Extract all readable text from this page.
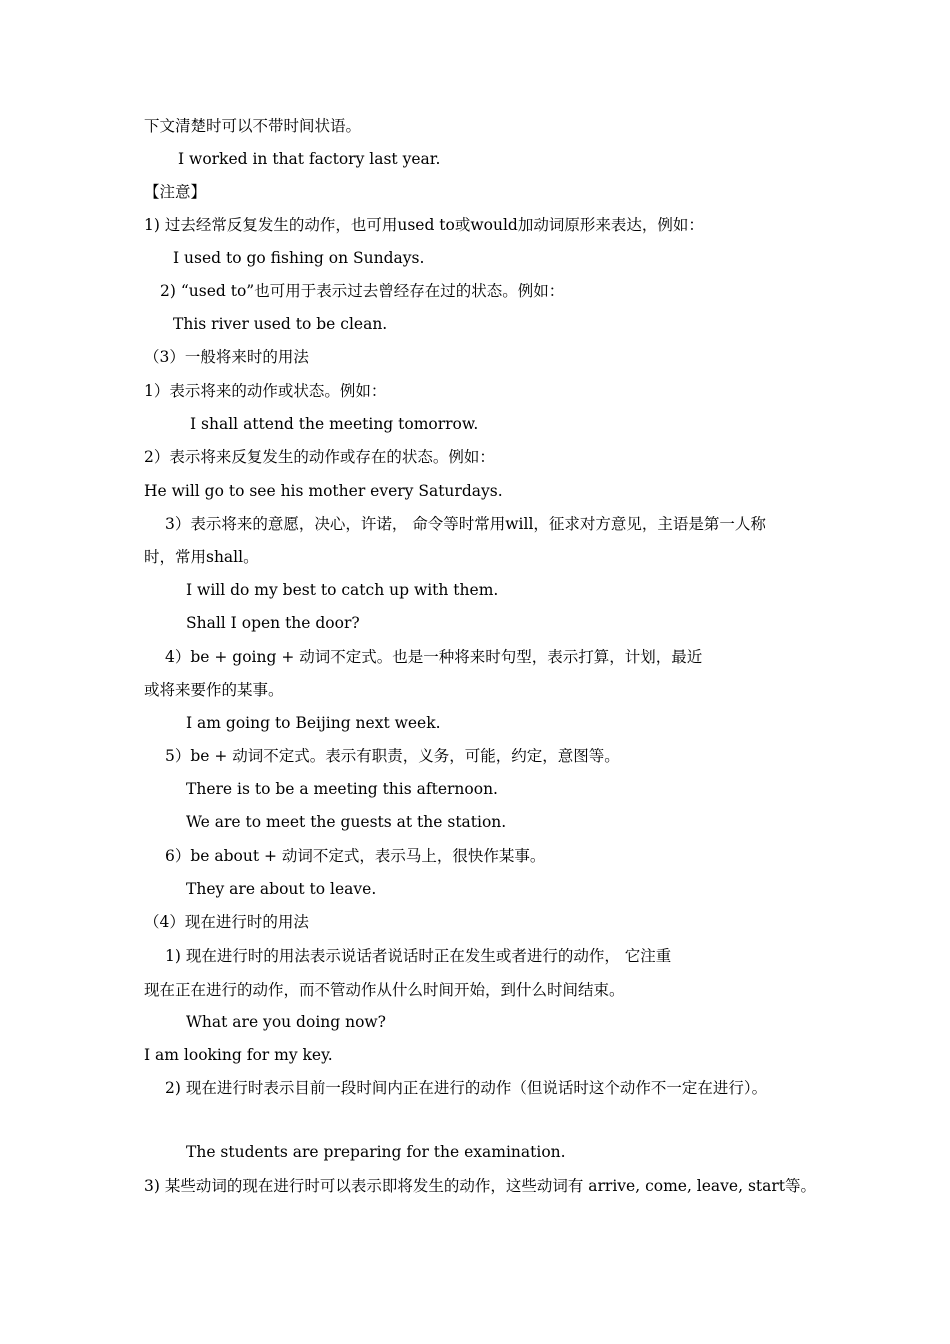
下文清楚时可以不带时间状语。
I worked in that factory last year.
【注意】
1) 过去经常反复发生的动作，也可用used to或would加动词原形来表达，例如：
I used to go fishing on Sundays.
2) “used to”也可用于表示过去曾经存在过的状态。例如：
This river used to be clean.
（3）一般将来时的用法
1）表示将来的动作或状态。例如：
I shall attend the meeting tomorrow.
2）表示将来反复发生的动作或存在的状态。例如：
He will go to see his mother every Saturdays.
3）表示将来的意愿，决心，许诺， 命令等时常用will，征求对方意见，主语是第一人称
时，常用shall。
I will do my best to catch up with them.
Shall I open the door?
4）be + going + 动词不定式。也是一种将来时句型，表示打算，计划，最近
或将来要作的某事。
I am going to Beijing next week.
5）be + 动词不定式。表示有职责，义务，可能，约定，意图等。
There is to be a meeting this afternoon.
We are to meet the guests at the station.
6）be about + 动词不定式，表示马上，很快作某事。
They are about to leave.
（4）现在进行时的用法
1) 现在进行时的用法表示说话者说话时正在发生或者进行的动作， 它注重
现在正在进行的动作，而不管动作从什么时间开始，到什么时间结束。
What are you doing now?
I am looking for my key.
2) 现在进行时表示目前一段时间内正在进行的动作（但说话时这个动作不一定在进行）。
The students are preparing for the examination.
3) 某些动词的现在进行时可以表示即将发生的动作，这些动词有 arrive, come, leave, start等。
